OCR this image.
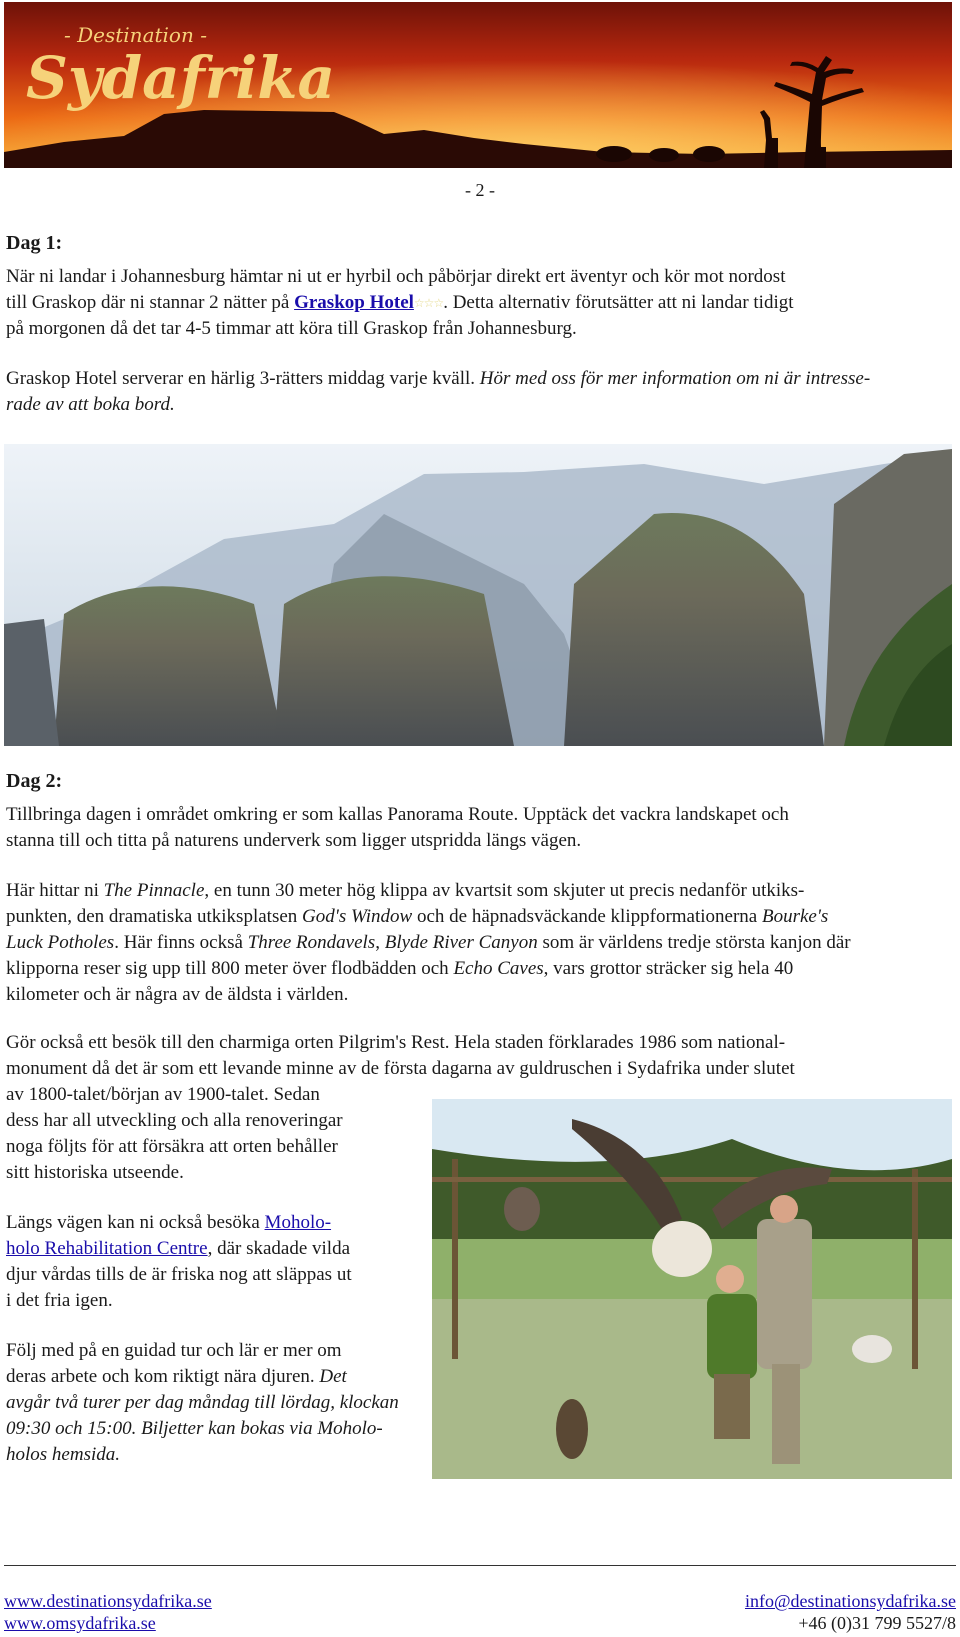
- Destination -
Sydafrika
- 2 -
Dag 1:
När ni landar i Johannesburg hämtar ni ut er hyrbil och påbörjar direkt ert äventyr och kör mot nordost
till Graskop där ni stannar 2 nätter på Graskop Hotel☆☆☆. Detta alternativ förutsätter att ni landar tidigt
på morgonen då det tar 4-5 timmar att köra till Graskop från Johannesburg.
Graskop Hotel serverar en härlig 3-rätters middag varje kväll. Hör med oss för mer information om ni är intresse-
rade av att boka bord.
Dag 2:
Tillbringa dagen i området omkring er som kallas Panorama Route. Upptäck det vackra landskapet och
stanna till och titta på naturens underverk som ligger utspridda längs vägen.
Här hittar ni The Pinnacle, en tunn 30 meter hög klippa av kvartsit som skjuter ut precis nedanför utkiks-
punkten, den dramatiska utkiksplatsen God's Window och de häpnadsväckande klippformationerna Bourke's
Luck Potholes. Här finns också Three Rondavels, Blyde River Canyon som är världens tredje största kanjon där
klipporna reser sig upp till 800 meter över flodbädden och Echo Caves, vars grottor sträcker sig hela 40
kilometer och är några av de äldsta i världen.
Gör också ett besök till den charmiga orten Pilgrim's Rest. Hela staden förklarades 1986 som national-
monument då det är som ett levande minne av de första dagarna av guldruschen i Sydafrika under slutet
av 1800-talet/början av 1900-talet. Sedan
dess har all utveckling och alla renoveringar
noga följts för att försäkra att orten behåller
sitt historiska utseende.
Längs vägen kan ni också besöka Moholo-
holo Rehabilitation Centre, där skadade vilda
djur vårdas tills de är friska nog att släppas ut
i det fria igen.
Följ med på en guidad tur och lär er mer om
deras arbete och kom riktigt nära djuren. Det
avgår två turer per dag måndag till lördag, klockan
09:30 och 15:00. Biljetter kan bokas via Moholo-
holos hemsida.
www.destinationsydafrika.se
www.omsydafrika.se
info@destinationsydafrika.se
+46 (0)31 799 5527/8
